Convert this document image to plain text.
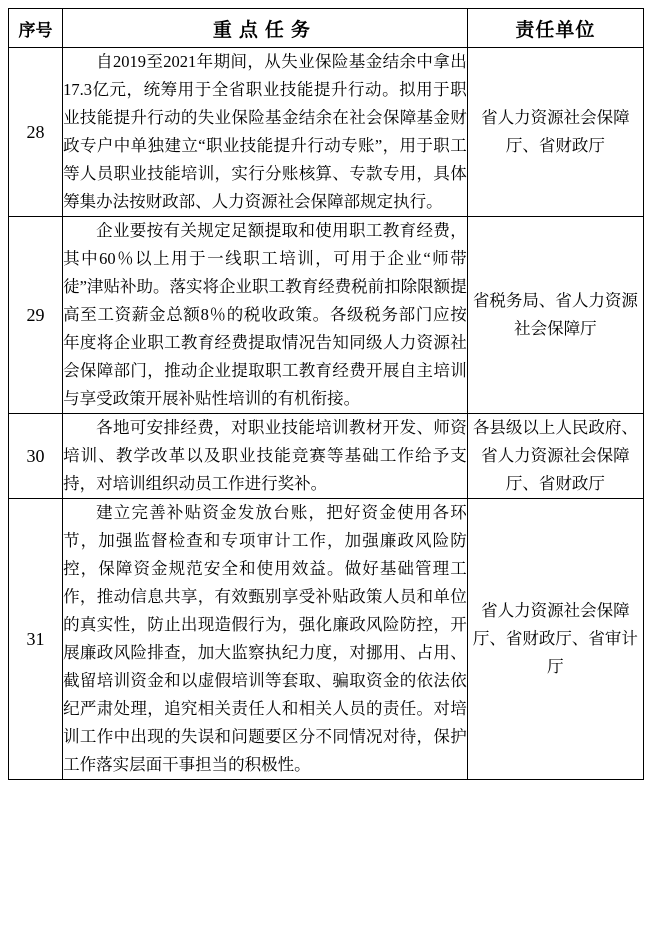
序号	重点任务	责任单位
28	自2019至2021年期间，从失业保险基金结余中拿出17.3亿元，统筹用于全省职业技能提升行动。拟用于职业技能提升行动的失业保险基金结余在社会保障基金财政专户中单独建立“职业技能提升行动专账”，用于职工等人员职业技能培训，实行分账核算、专款专用，具体筹集办法按财政部、人力资源社会保障部规定执行。	省人力资源社会保障厅、省财政厅

29	企业要按有关规定足额提取和使用职工教育经费，其中60％以上用于一线职工培训，可用于企业“师带徒”津贴补助。落实将企业职工教育经费税前扣除限额提高至工资薪金总额8％的税收政策。各级税务部门应按年度将企业职工教育经费提取情况告知同级人力资源社会保障部门，推动企业提取职工教育经费开展自主培训与享受政策开展补贴性培训的有机衔接。	省税务局、省人力资源社会保障厅

30	各地可安排经费，对职业技能培训教材开发、师资培训、教学改革以及职业技能竞赛等基础工作给予支持，对培训组织动员工作进行奖补。	各县级以上人民政府、省人力资源社会保障厅、省财政厅

31	建立完善补贴资金发放台账，把好资金使用各环节，加强监督检查和专项审计工作，加强廉政风险防控，保障资金规范安全和使用效益。做好基础管理工作，推动信息共享，有效甄别享受补贴政策人员和单位的真实性，防止出现造假行为，强化廉政风险防控，开展廉政风险排查，加大监察执纪力度，对挪用、占用、截留培训资金和以虚假培训等套取、骗取资金的依法依纪严肃处理，追究相关责任人和相关人员的责任。对培训工作中出现的失误和问题要区分不同情况对待，保护工作落实层面干事担当的积极性。	省人力资源社会保障厅、省财政厅、省审计厅
